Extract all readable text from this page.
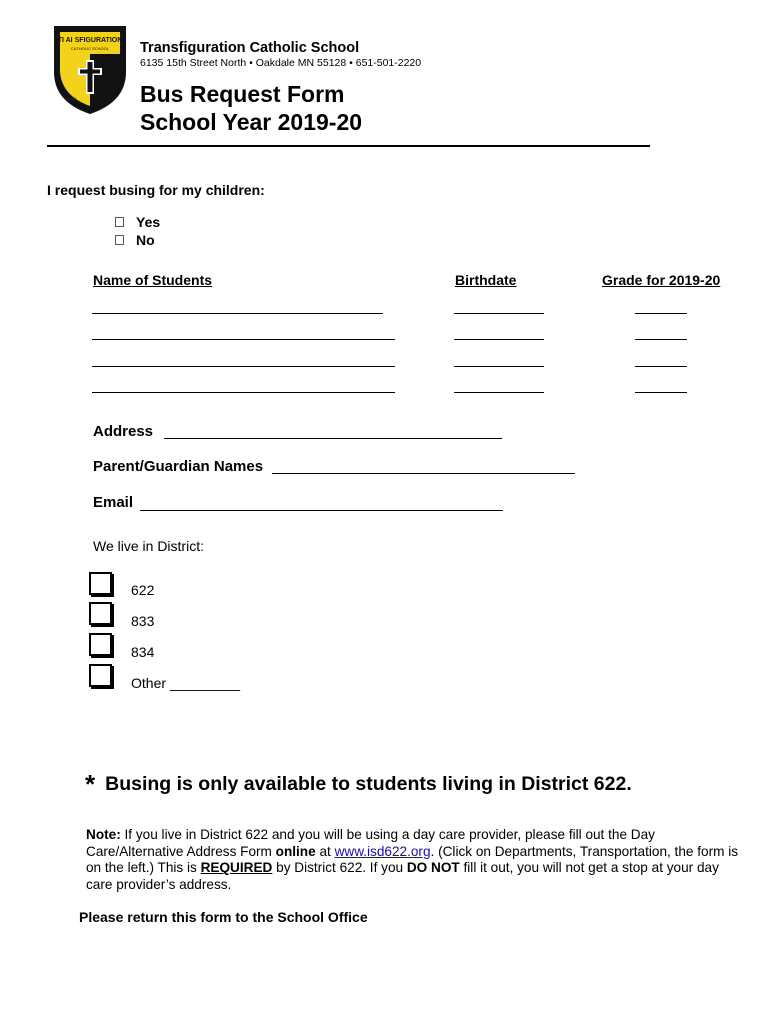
TI AI SFIGURATION
CATHOLIC SCHOOL
1953
Transfiguration Catholic School
6135 15th Street North • Oakdale MN 55128 • 651-501-2220
Bus Request Form
School Year 2019-20
I request busing for my children:
Yes
No
Name of Students	Birthdate	Grade for 2019-20
Address
Parent/Guardian Names
Email
We live in District:
622
833
834
Other _________
* Busing is only available to students living in District 622.
Note: If you live in District 622 and you will be using a day care provider, please fill out the Day Care/Alternative Address Form online at www.isd622.org. (Click on Departments, Transportation, the form is on the left.) This is REQUIRED by District 622. If you DO NOT fill it out, you will not get a stop at your day care provider’s address.
Please return this form to the School Office
